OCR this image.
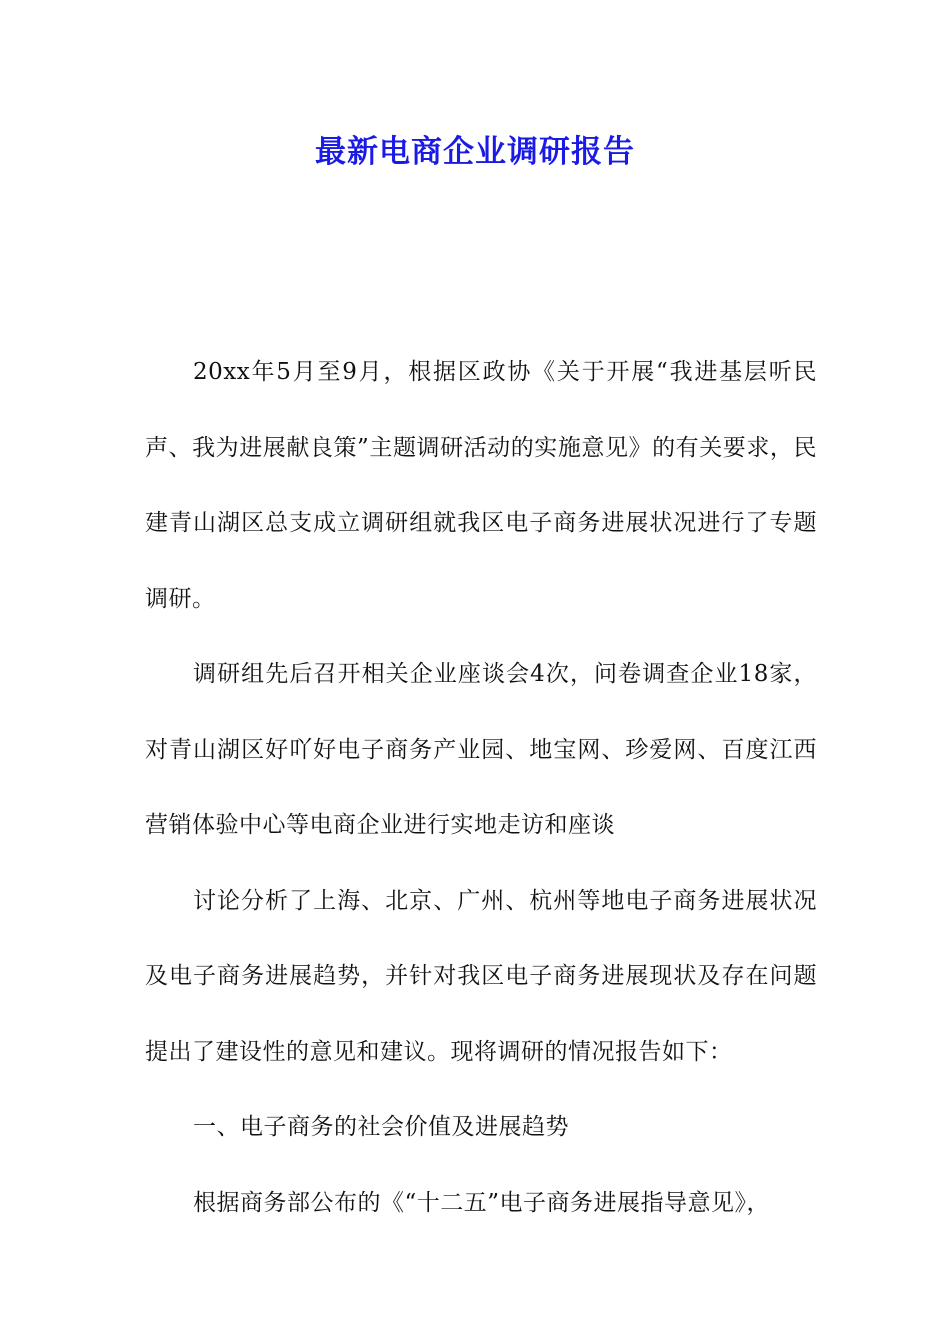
最新电商企业调研报告

20xx年5月至9月，根据区政协《关于开展“我进基层听民声、我为进展献良策”主题调研活动的实施意见》的有关要求，民建青山湖区总支成立调研组就我区电子商务进展状况进行了专题调研。

调研组先后召开相关企业座谈会4次，问卷调查企业18家，对青山湖区好吖好电子商务产业园、地宝网、珍爱网、百度江西营销体验中心等电商企业进行实地走访和座谈

讨论分析了上海、北京、广州、杭州等地电子商务进展状况及电子商务进展趋势，并针对我区电子商务进展现状及存在问题提出了建设性的意见和建议。现将调研的情况报告如下：

一、电子商务的社会价值及进展趋势

根据商务部公布的《“十二五”电子商务进展指导意见》，
